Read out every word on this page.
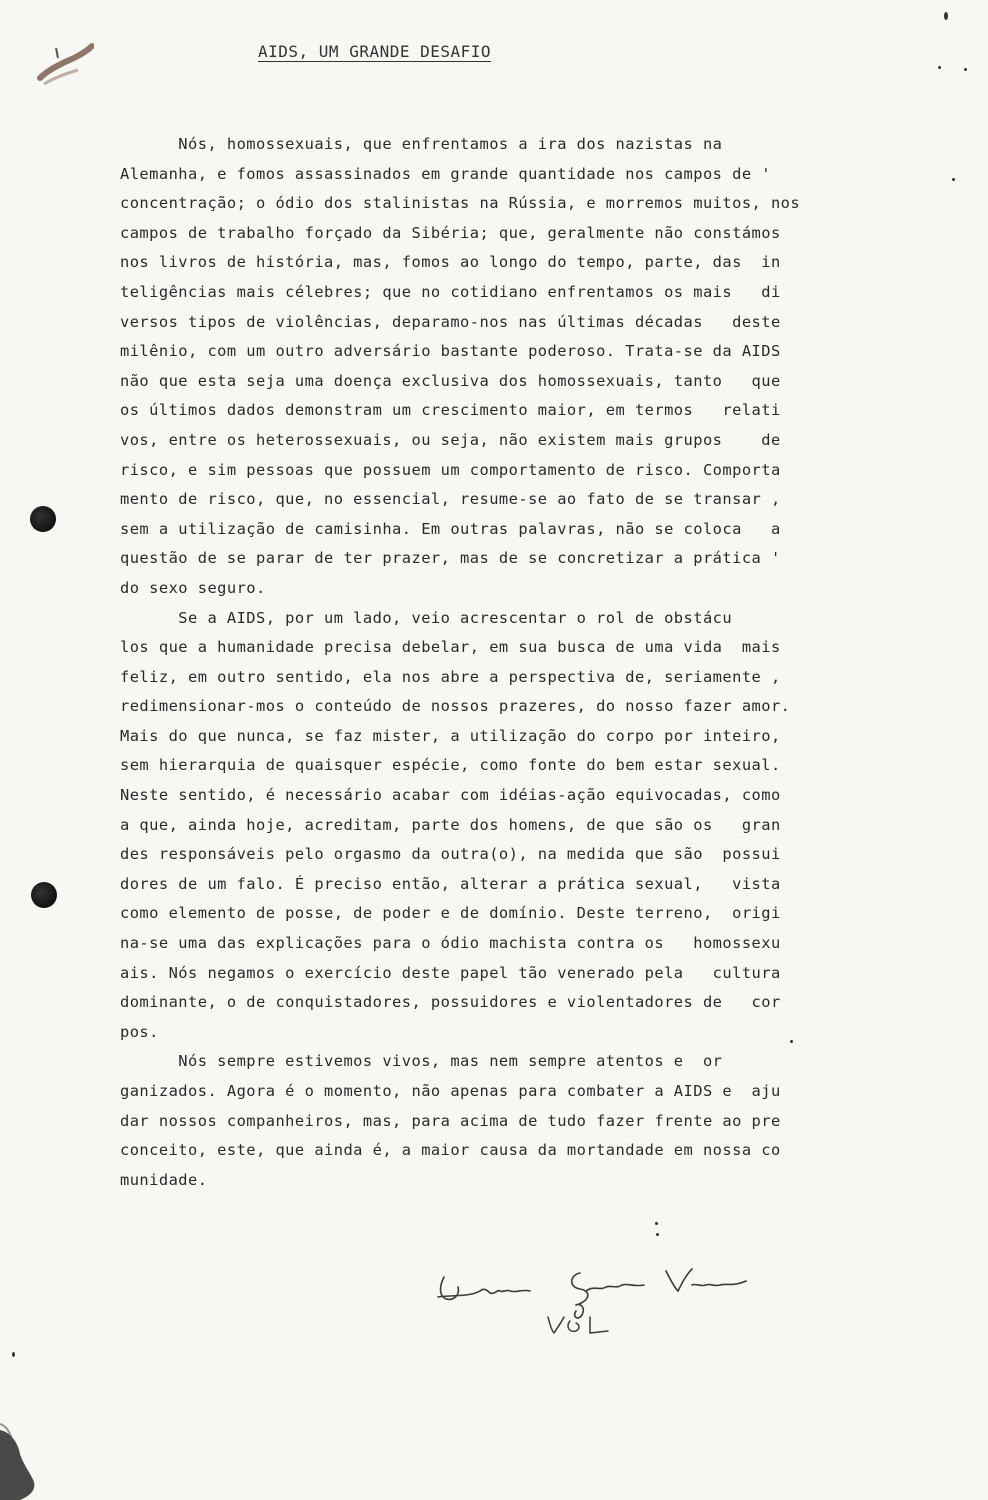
AIDS, UM GRANDE DESAFIO
Nós, homossexuais, que enfrentamos a ira dos nazistas na
Alemanha, e fomos assassinados em grande quantidade nos campos de '
concentração; o ódio dos stalinistas na Rússia, e morremos muitos, nos
campos de trabalho forçado da Sibéria; que, geralmente não constámos
nos livros de história, mas, fomos ao longo do tempo, parte, das  in
teligências mais célebres; que no cotidiano enfrentamos os mais   di
versos tipos de violências, deparamo-nos nas últimas décadas   deste
milênio, com um outro adversário bastante poderoso. Trata-se da AIDS
não que esta seja uma doença exclusiva dos homossexuais, tanto   que
os últimos dados demonstram um crescimento maior, em termos   relati
vos, entre os heterossexuais, ou seja, não existem mais grupos    de
risco, e sim pessoas que possuem um comportamento de risco. Comporta
mento de risco, que, no essencial, resume-se ao fato de se transar ,
sem a utilização de camisinha. Em outras palavras, não se coloca   a
questão de se parar de ter prazer, mas de se concretizar a prática '
do sexo seguro.
Se a AIDS, por um lado, veio acrescentar o rol de obstácu
los que a humanidade precisa debelar, em sua busca de uma vida  mais
feliz, em outro sentido, ela nos abre a perspectiva de, seriamente ,
redimensionar-mos o conteúdo de nossos prazeres, do nosso fazer amor.
Mais do que nunca, se faz mister, a utilização do corpo por inteiro,
sem hierarquia de quaisquer espécie, como fonte do bem estar sexual.
Neste sentido, é necessário acabar com idéias-ação equivocadas, como
a que, ainda hoje, acreditam, parte dos homens, de que são os   gran
des responsáveis pelo orgasmo da outra(o), na medida que são  possui
dores de um falo. É preciso então, alterar a prática sexual,   vista
como elemento de posse, de poder e de domínio. Deste terreno,  origi
na-se uma das explicações para o ódio machista contra os   homossexu
ais. Nós negamos o exercício deste papel tão venerado pela   cultura
dominante, o de conquistadores, possuidores e violentadores de   cor
pos.
Nós sempre estivemos vivos, mas nem sempre atentos e  or
ganizados. Agora é o momento, não apenas para combater a AIDS e  aju
dar nossos companheiros, mas, para acima de tudo fazer frente ao pre
conceito, este, que ainda é, a maior causa da mortandade em nossa co
munidade.
